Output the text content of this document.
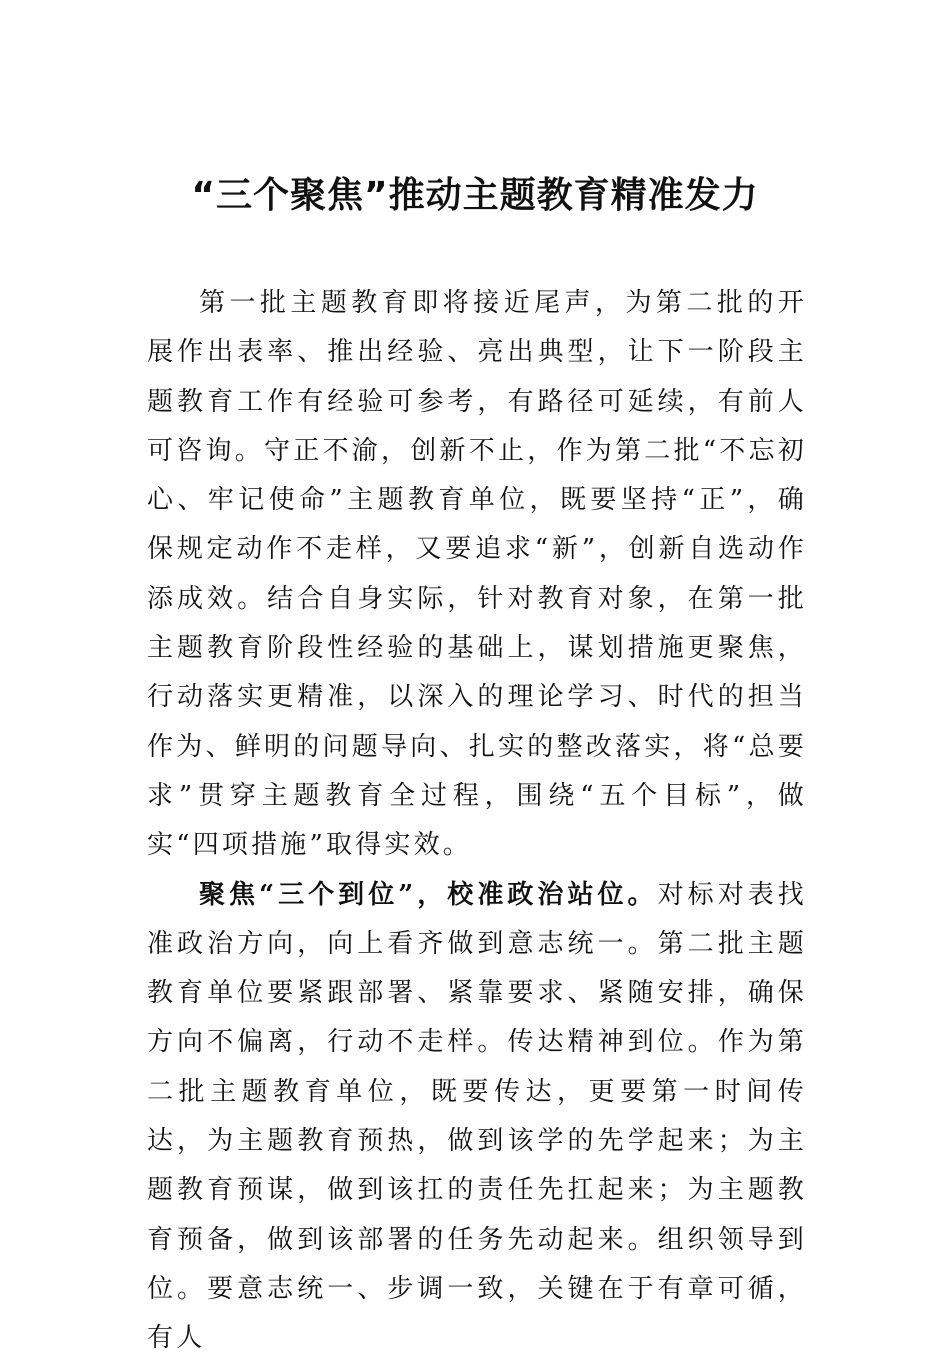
“三个聚焦”推动主题教育精准发力

第一批主题教育即将接近尾声，为第二批的开展作出表率、推出经验、亮出典型，让下一阶段主题教育工作有经验可参考，有路径可延续，有前人可咨询。守正不渝，创新不止，作为第二批“不忘初心、牢记使命”主题教育单位，既要坚持“正”，确保规定动作不走样，又要追求“新”，创新自选动作添成效。结合自身实际，针对教育对象，在第一批主题教育阶段性经验的基础上，谋划措施更聚焦，行动落实更精准，以深入的理论学习、时代的担当作为、鲜明的问题导向、扎实的整改落实，将“总要求”贯穿主题教育全过程，围绕“五个目标”，做实“四项措施”取得实效。

聚焦“三个到位”，校准政治站位。对标对表找准政治方向，向上看齐做到意志统一。第二批主题教育单位要紧跟部署、紧靠要求、紧随安排，确保方向不偏离，行动不走样。传达精神到位。作为第二批主题教育单位，既要传达，更要第一时间传达，为主题教育预热，做到该学的先学起来；为主题教育预谋，做到该扛的责任先扛起来；为主题教育预备，做到该部署的任务先动起来。组织领导到位。要意志统一、步调一致，关键在于有章可循，有人
